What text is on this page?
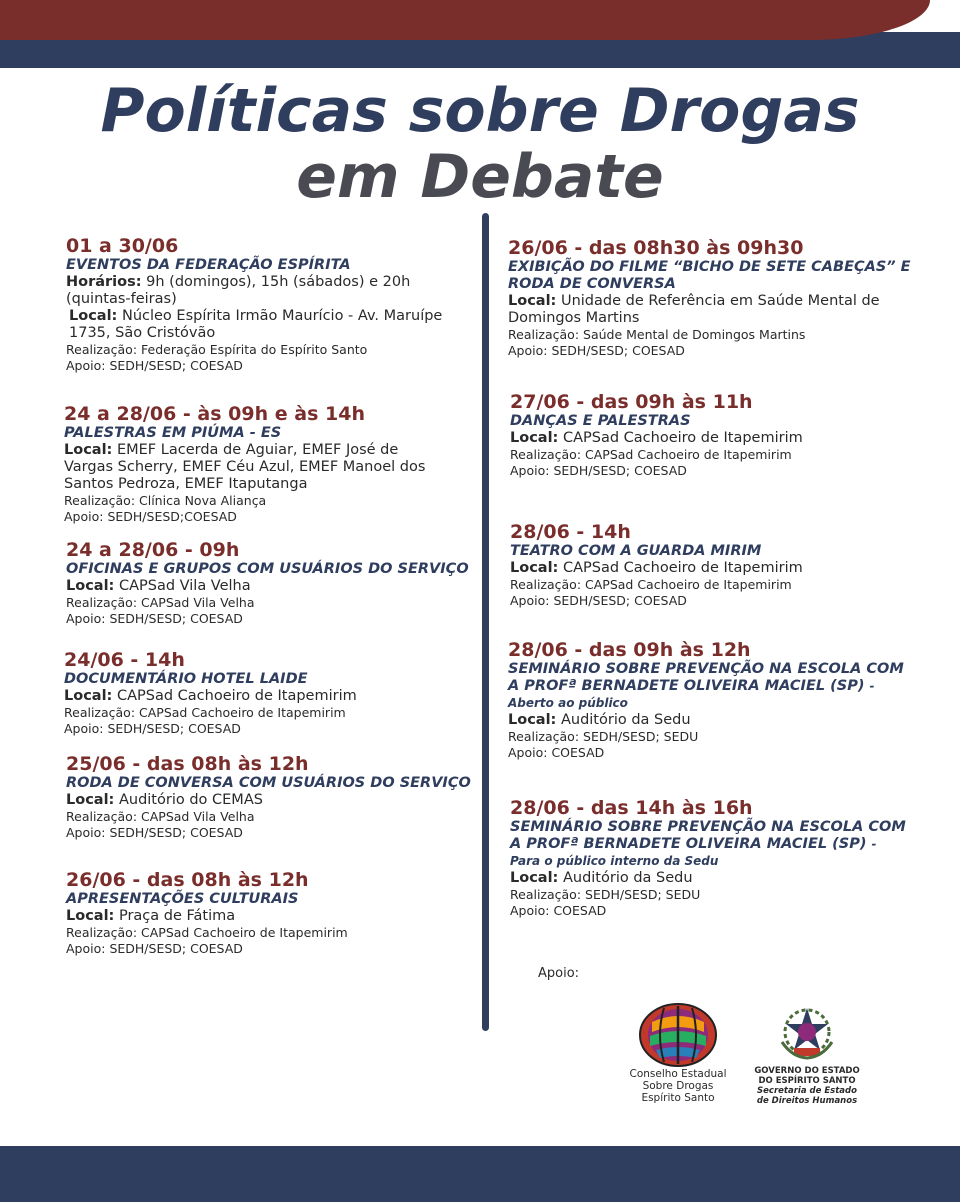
Políticas sobre Drogas
em Debate
01 a 30/06
EVENTOS DA FEDERAÇÃO ESPÍRITA
Horários: 9h (domingos), 15h (sábados) e 20h (quintas-feiras)
Local: Núcleo Espírita Irmão Maurício - Av. Maruípe 1735, São Cristóvão
Realização: Federação Espírita do Espírito Santo
Apoio: SEDH/SESD; COESAD
24 a 28/06 - às 09h e às 14h
PALESTRAS EM PIÚMA - ES
Local: EMEF Lacerda de Aguiar, EMEF José de Vargas Scherry, EMEF Céu Azul, EMEF Manoel dos Santos Pedroza, EMEF Itaputanga
Realização: Clínica Nova Aliança
Apoio: SEDH/SESD;COESAD
24 a 28/06 - 09h
OFICINAS E GRUPOS COM USUÁRIOS DO SERVIÇO
Local: CAPSad Vila Velha
Realização: CAPSad Vila Velha
Apoio: SEDH/SESD; COESAD
24/06 - 14h
DOCUMENTÁRIO HOTEL LAIDE
Local: CAPSad Cachoeiro de Itapemirim
Realização: CAPSad Cachoeiro de Itapemirim
Apoio: SEDH/SESD; COESAD
25/06 - das 08h às 12h
RODA DE CONVERSA COM USUÁRIOS DO SERVIÇO
Local: Auditório do CEMAS
Realização: CAPSad Vila Velha
Apoio: SEDH/SESD; COESAD
26/06 - das 08h às 12h
APRESENTAÇÕES CULTURAIS
Local: Praça de Fátima
Realização: CAPSad Cachoeiro de Itapemirim
Apoio: SEDH/SESD; COESAD
26/06 - das 08h30 às 09h30
EXIBIÇÃO DO FILME “BICHO DE SETE CABEÇAS” E RODA DE CONVERSA
Local: Unidade de Referência em Saúde Mental de Domingos Martins
Realização: Saúde Mental de Domingos Martins
Apoio: SEDH/SESD; COESAD
27/06 - das 09h às 11h
DANÇAS E PALESTRAS
Local: CAPSad Cachoeiro de Itapemirim
Realização: CAPSad Cachoeiro de Itapemirim
Apoio: SEDH/SESD; COESAD
28/06 - 14h
TEATRO COM A GUARDA MIRIM
Local: CAPSad Cachoeiro de Itapemirim
Realização: CAPSad Cachoeiro de Itapemirim
Apoio: SEDH/SESD; COESAD
28/06 - das 09h às 12h
SEMINÁRIO SOBRE PREVENÇÃO NA ESCOLA COM A PROFª BERNADETE OLIVEIRA MACIEL (SP) - Aberto ao público
Local: Auditório da Sedu
Realização: SEDH/SESD; SEDU
Apoio: COESAD
28/06 - das 14h às 16h
SEMINÁRIO SOBRE PREVENÇÃO NA ESCOLA COM A PROFª BERNADETE OLIVEIRA MACIEL (SP) - Para o público interno da Sedu
Local: Auditório da Sedu
Realização: SEDH/SESD; SEDU
Apoio: COESAD
Apoio:
Conselho Estadual
Sobre Drogas
Espírito Santo
GOVERNO DO ESTADO
DO ESPÍRITO SANTO
Secretaria de Estado
de Direitos Humanos
